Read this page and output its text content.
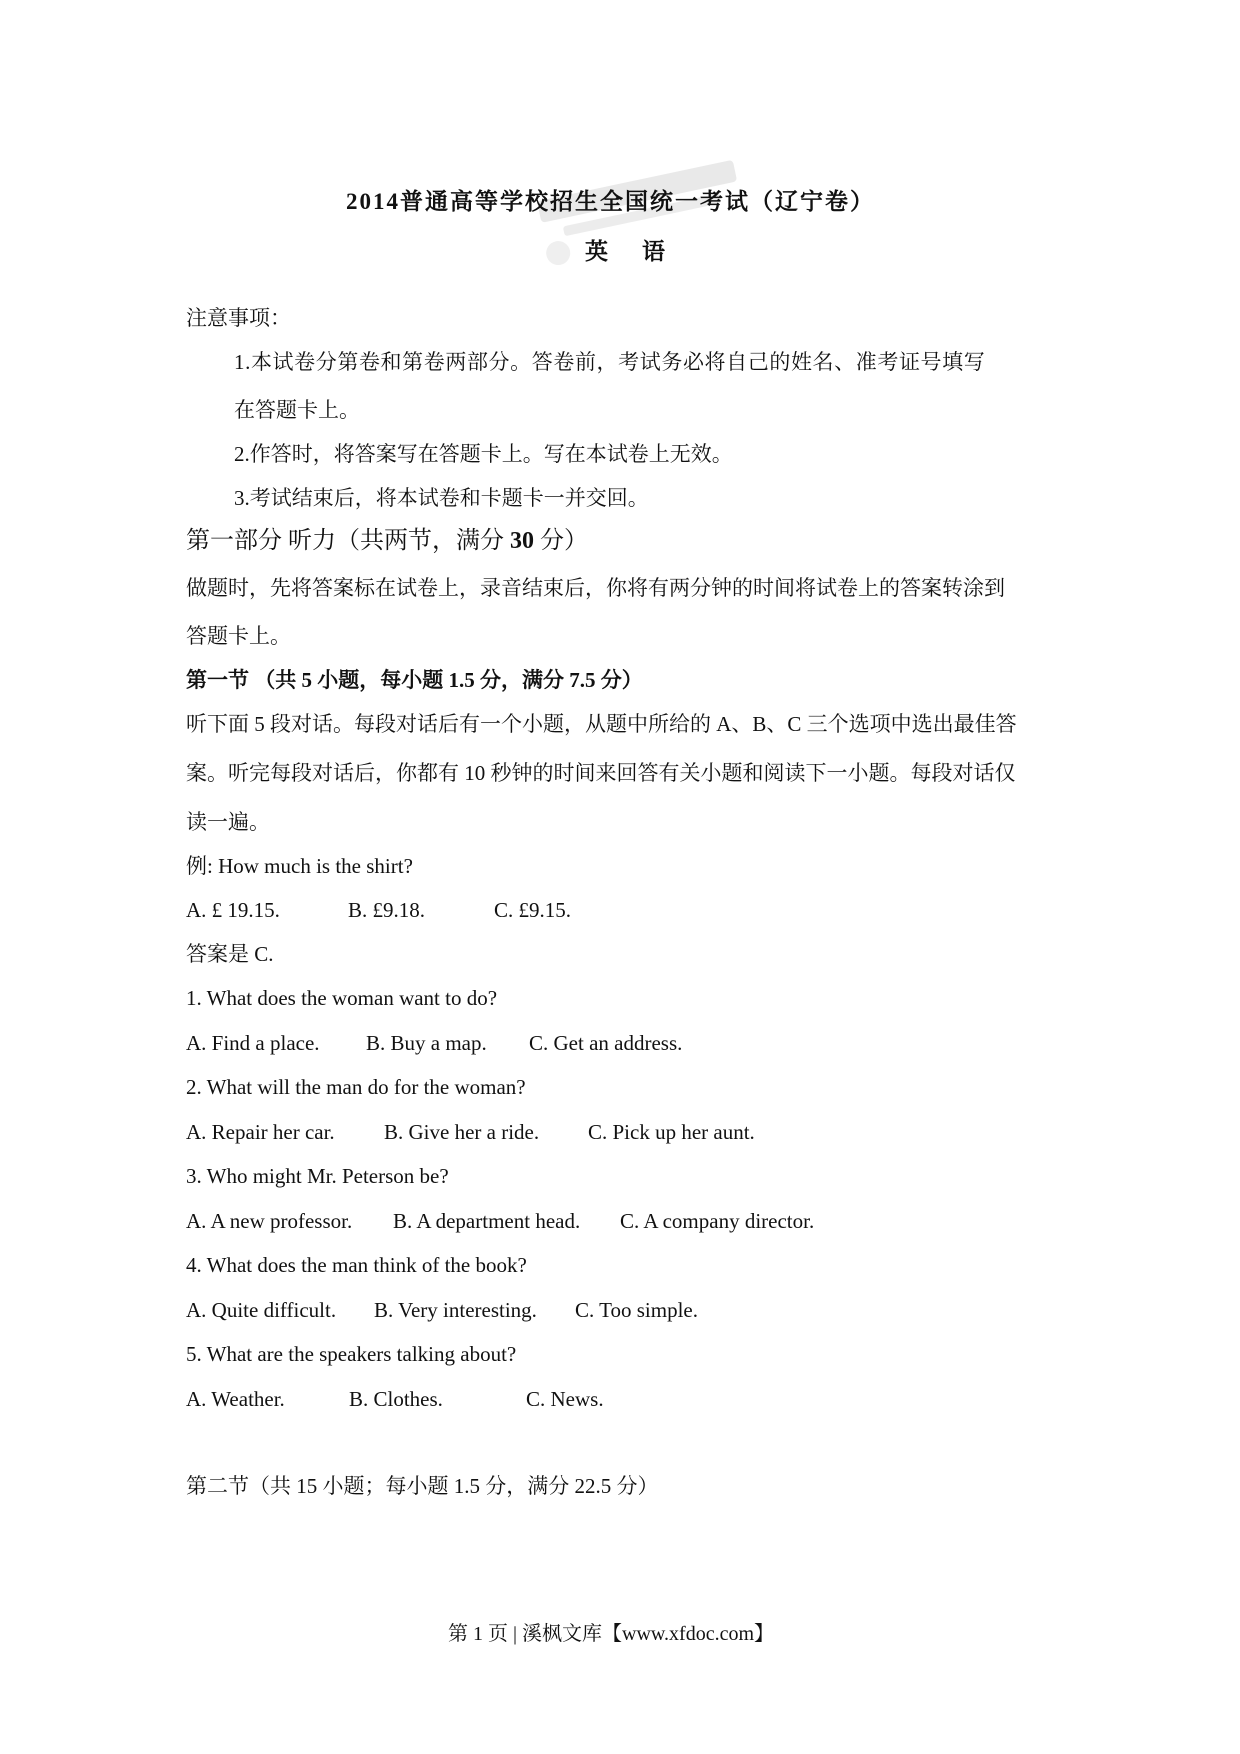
2014普通高等学校招生全国统一考试（辽宁卷）
英语
注意事项：
1.本试卷分第卷和第卷两部分。答卷前，考试务必将自己的姓名、准考证号填写
在答题卡上。
2.作答时，将答案写在答题卡上。写在本试卷上无效。
3.考试结束后，将本试卷和卡题卡一并交回。
第一部分 听力（共两节，满分 30 分）
做题时，先将答案标在试卷上，录音结束后，你将有两分钟的时间将试卷上的答案转涂到
答题卡上。
第一节 （共 5 小题，每小题 1.5 分，满分 7.5 分）
听下面 5 段对话。每段对话后有一个小题，从题中所给的 A、B、C 三个选项中选出最佳答
案。听完每段对话后，你都有 10 秒钟的时间来回答有关小题和阅读下一小题。每段对话仅
读一遍。
例: How much is the shirt?
A. £ 19.15.	B. £9.18.	C. £9.15.
答案是 C.
1. What does the woman want to do?
A. Find a place. B. Buy a map. C. Get an address.
2. What will the man do for the woman?
A. Repair her car. B. Give her a ride. C. Pick up her aunt.
3. Who might Mr. Peterson be?
A. A new professor. B. A department head. C. A company director.
4. What does the man think of the book?
A. Quite difficult. B. Very interesting. C. Too simple.
5. What are the speakers talking about?
A. Weather.	B. Clothes.	C. News.
第二节（共 15 小题；每小题 1.5 分，满分 22.5 分）
第 1 页 | 溪枫文库【www.xfdoc.com】
